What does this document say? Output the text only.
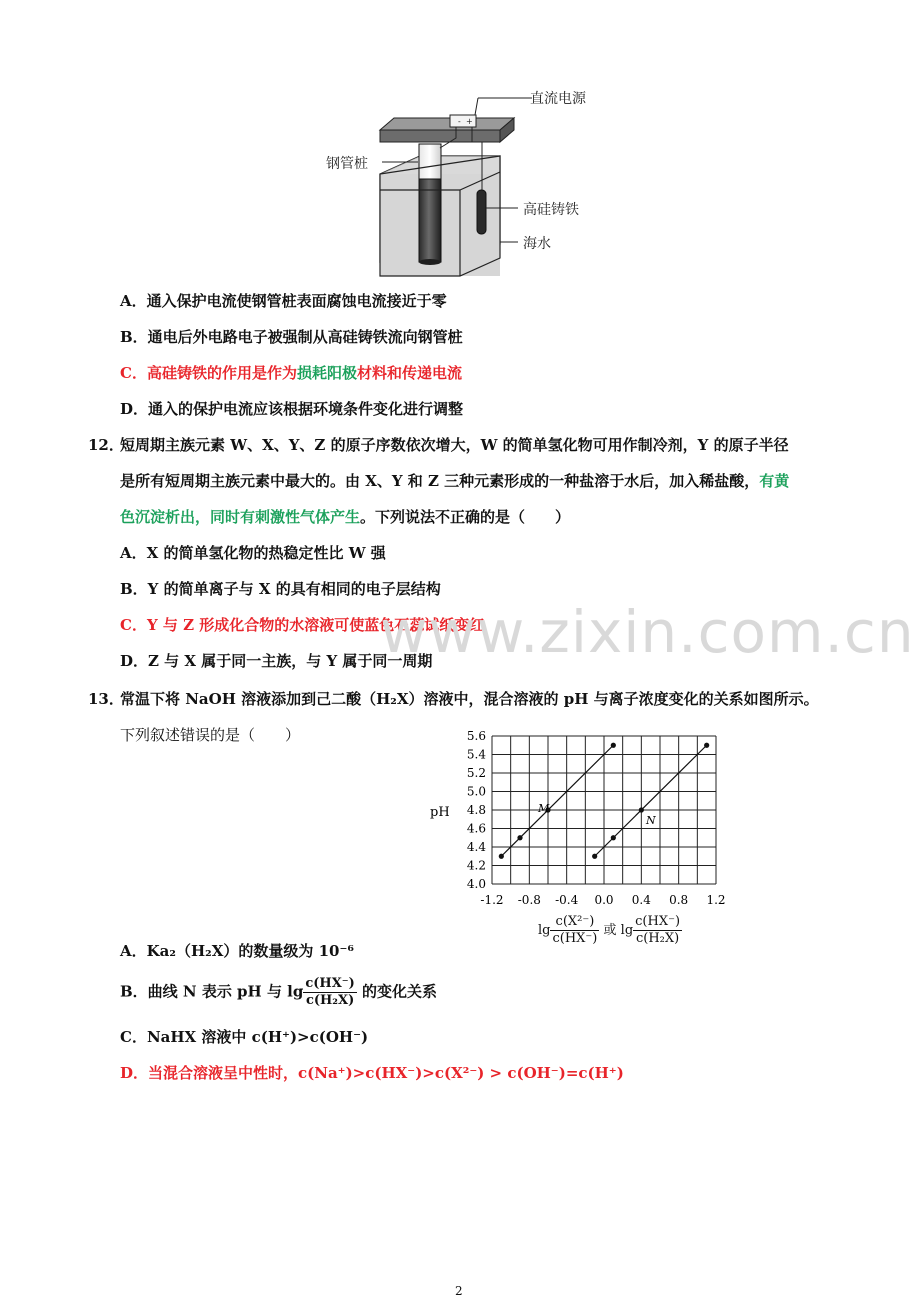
- +
直流电源
钢管桩
高硅铸铁
海水
A．通入保护电流使钢管桩表面腐蚀电流接近于零
B．通电后外电路电子被强制从高硅铸铁流向钢管桩
C．高硅铸铁的作用是作为损耗阳极材料和传递电流
D．通入的保护电流应该根据环境条件变化进行调整
12．
短周期主族元素 W、X、Y、Z 的原子序数依次增大，W 的简单氢化物可用作制冷剂，Y 的原子半径
是所有短周期主族元素中最大的。由 X、Y 和 Z 三种元素形成的一种盐溶于水后，加入稀盐酸，有黄
色沉淀析出，同时有刺激性气体产生。下列说法不正确的是（　　）
A．X 的简单氢化物的热稳定性比 W 强
B．Y 的简单离子与 X 的具有相同的电子层结构
C．Y 与 Z 形成化合物的水溶液可使蓝色石蕊试纸变红
D．Z 与 X 属于同一主族，与 Y 属于同一周期
www.zixin.com.cn
13．
常温下将 NaOH 溶液添加到己二酸（H₂X）溶液中，混合溶液的 pH 与离子浓度变化的关系如图所示。
下列叙述错误的是（　　）
4.0
4.2
4.4
4.6
4.8
5.0
5.2
5.4
5.6
-1.2 -0.8 -0.4 0.0 0.4 0.8 1.2
pH	M
N
$\lg \frac{\text{c(X²⁻)}}{c(HX^-)}$ 或 $\lg \frac{c(HX^-)}{\text{c(H₂X)}}$
A．Ka₂（H₂X）的数量级为 10⁻⁶
B．曲线 N 表示 pH 与 $\lg \frac{c(HX^-)}{\text{c(H₂X)}}$ 的变化关系
C．NaHX 溶液中 c(H⁺)>c(OH⁻)
D．当混合溶液呈中性时，c(Na⁺)>c(HX⁻)>c(X²⁻) > c(OH⁻)=c(H⁺)
2
